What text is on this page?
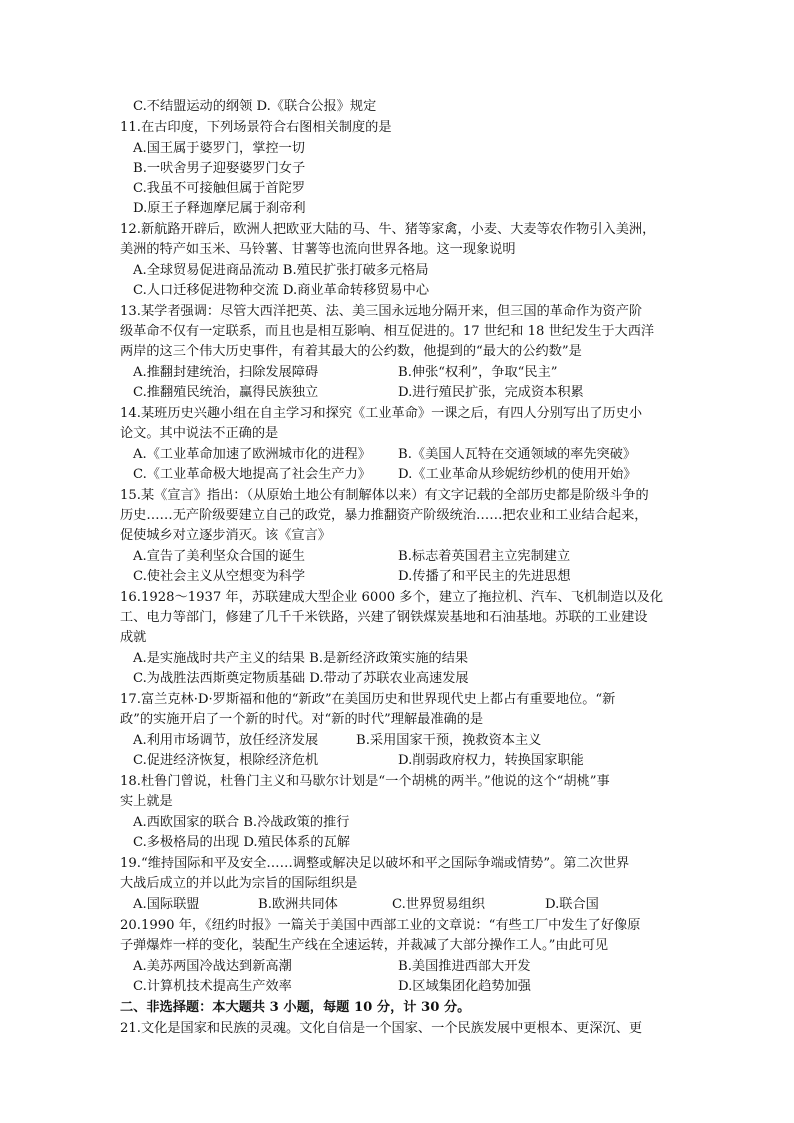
C.不结盟运动的纲领 D.《联合公报》规定
11.在古印度，下列场景符合右图相关制度的是
A.国王属于婆罗门，掌控一切
B.一吠舍男子迎娶婆罗门女子
C.我虽不可接触但属于首陀罗
D.原王子释迦摩尼属于刹帝利
12.新航路开辟后，欧洲人把欧亚大陆的马、牛、猪等家禽，小麦、大麦等农作物引入美洲，
美洲的特产如玉米、马铃薯、甘薯等也流向世界各地。这一现象说明
A.全球贸易促进商品流动 B.殖民扩张打破多元格局
C.人口迁移促进物种交流 D.商业革命转移贸易中心
13.某学者强调：尽管大西洋把英、法、美三国永远地分隔开来，但三国的革命作为资产阶
级革命不仅有一定联系，而且也是相互影响、相互促进的。17 世纪和 18 世纪发生于大西洋
两岸的这三个伟大历史事件，有着其最大的公约数，他提到的“最大的公约数”是
A.推翻封建统治，扫除发展障碍	B.伸张“权利”，争取“民主”
C.推翻殖民统治，赢得民族独立	D.进行殖民扩张，完成资本积累
14.某班历史兴趣小组在自主学习和探究《工业革命》一课之后，有四人分别写出了历史小
论文。其中说法不正确的是
A.《工业革命加速了欧洲城市化的进程》 B.《美国人瓦特在交通领域的率先突破》
C.《工业革命极大地提高了社会生产力》 D.《工业革命从珍妮纺纱机的使用开始》
15.某《宣言》指出：（从原始土地公有制解体以来）有文字记载的全部历史都是阶级斗争的
历史……无产阶级要建立自己的政党，暴力推翻资产阶级统治……把农业和工业结合起来，
促使城乡对立逐步消灭。该《宣言》
A.宣告了美利坚众合国的诞生	B.标志着英国君主立宪制建立
C.使社会主义从空想变为科学	D.传播了和平民主的先进思想
16.1928～1937 年，苏联建成大型企业 6000 多个，建立了拖拉机、汽车、飞机制造以及化
工、电力等部门，修建了几千千米铁路，兴建了钢铁煤炭基地和石油基地。苏联的工业建设
成就
A.是实施战时共产主义的结果 B.是新经济政策实施的结果
C.为战胜法西斯奠定物质基础 D.带动了苏联农业高速发展
17.富兰克林·D·罗斯福和他的“新政”在美国历史和世界现代史上都占有重要地位。“新
政”的实施开启了一个新的时代。对“新的时代”理解最准确的是
A.利用市场调节，放任经济发展	B.采用国家干预，挽救资本主义
C.促进经济恢复，根除经济危机	D.削弱政府权力，转换国家职能
18.杜鲁门曾说，杜鲁门主义和马歇尔计划是“一个胡桃的两半。”他说的这个“胡桃”事
实上就是
A.西欧国家的联合 B.冷战政策的推行
C.多极格局的出现 D.殖民体系的瓦解
19.“维持国际和平及安全……调整或解决足以破坏和平之国际争端或情势”。第二次世界
大战后成立的并以此为宗旨的国际组织是
A.国际联盟	B.欧洲共同体	C.世界贸易组织	D.联合国
20.1990 年，《纽约时报》一篇关于美国中西部工业的文章说：“有些工厂中发生了好像原
子弹爆炸一样的变化，装配生产线在全速运转，并裁减了大部分操作工人。”由此可见
A.美苏两国冷战达到新高潮	B.美国推进西部大开发
C.计算机技术提高生产效率	D.区域集团化趋势加强
二、非选择题：本大题共 3 小题，每题 10 分，计 30 分。
21.文化是国家和民族的灵魂。文化自信是一个国家、一个民族发展中更根本、更深沉、更
